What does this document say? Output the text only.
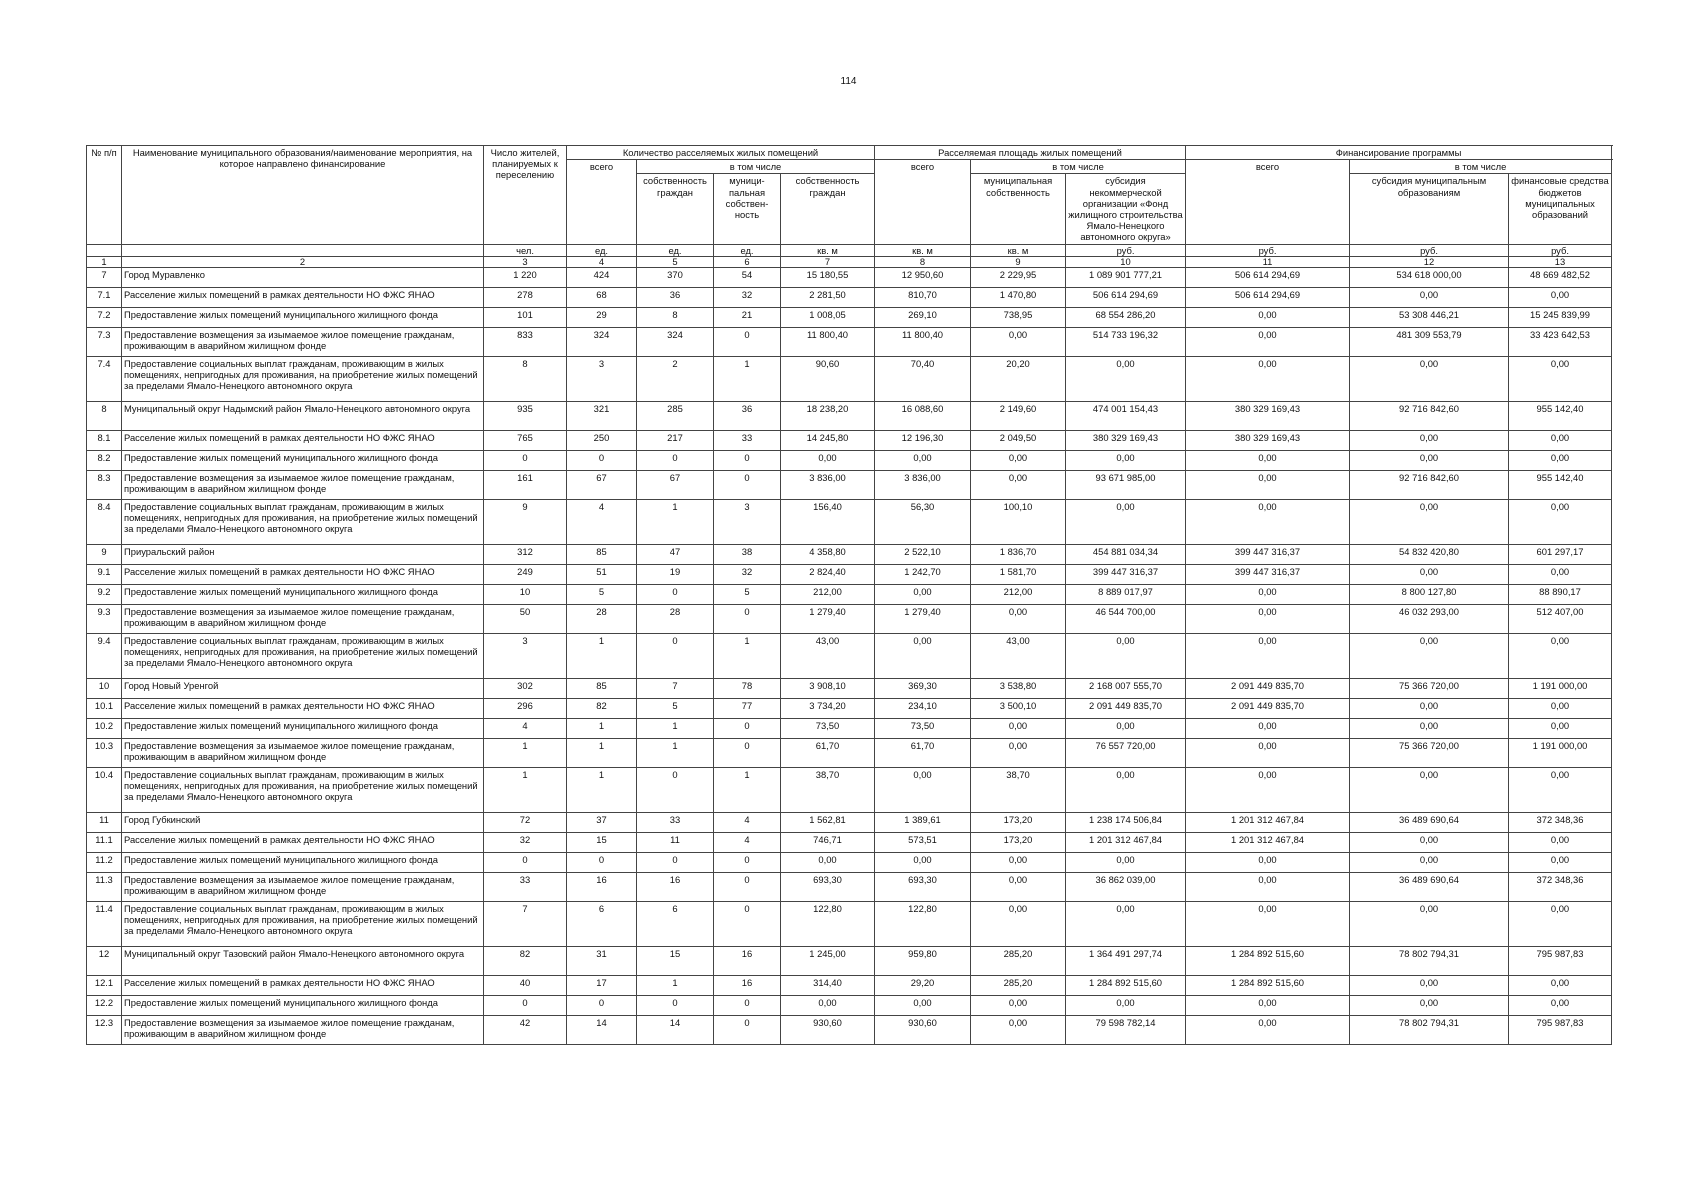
114
№ п/п	Наименование муниципального образования/наименование мероприятия, на которое направлено финансирование	Число жителей, планируемых к переселению	Количество расселяемых жилых помещений				Расселяемая площадь жилых помещений			Финансирование программы		
			всего	в том числе			всего	в том числе		всего	в том числе	
				собственность граждан	муници-пальная собствен-ность	собственность граждан		муниципальная собственность	субсидия некоммерческой организации «Фонд жилищного строительства Ямало-Ненецкого автономного округа»		субсидия муниципальным образованиям	финансовые средства бюджетов муниципальных образований
		чел.	ед.	ед.	ед.	кв. м	кв. м	кв. м	руб.	руб.	руб.	руб.
1	2	3	4	5	6	7	8	9	10	11	12	13
7	Город Муравленко	1 220	424	370	54	15 180,55	12 950,60	2 229,95	1 089 901 777,21	506 614 294,69	534 618 000,00	48 669 482,52
7.1	Расселение жилых помещений в рамках деятельности НО ФЖС ЯНАО	278	68	36	32	2 281,50	810,70	1 470,80	506 614 294,69	506 614 294,69	0,00	0,00
7.2	Предоставление жилых помещений муниципального жилищного фонда	101	29	8	21	1 008,05	269,10	738,95	68 554 286,20	0,00	53 308 446,21	15 245 839,99
7.3	Предоставление возмещения за изымаемое жилое помещение гражданам, проживающим в аварийном жилищном фонде	833	324	324	0	11 800,40	11 800,40	0,00	514 733 196,32	0,00	481 309 553,79	33 423 642,53
7.4	Предоставление социальных выплат гражданам, проживающим в жилых помещениях, непригодных для проживания, на приобретение жилых помещений за пределами Ямало-Ненецкого автономного округа	8	3	2	1	90,60	70,40	20,20	0,00	0,00	0,00	0,00
8	Муниципальный округ Надымский район Ямало-Ненецкого автономного округа	935	321	285	36	18 238,20	16 088,60	2 149,60	474 001 154,43	380 329 169,43	92 716 842,60	955 142,40
8.1	Расселение жилых помещений в рамках деятельности НО ФЖС ЯНАО	765	250	217	33	14 245,80	12 196,30	2 049,50	380 329 169,43	380 329 169,43	0,00	0,00
8.2	Предоставление жилых помещений муниципального жилищного фонда	0	0	0	0	0,00	0,00	0,00	0,00	0,00	0,00	0,00
8.3	Предоставление возмещения за изымаемое жилое помещение гражданам, проживающим в аварийном жилищном фонде	161	67	67	0	3 836,00	3 836,00	0,00	93 671 985,00	0,00	92 716 842,60	955 142,40
8.4	Предоставление социальных выплат гражданам, проживающим в жилых помещениях, непригодных для проживания, на приобретение жилых помещений за пределами Ямало-Ненецкого автономного округа	9	4	1	3	156,40	56,30	100,10	0,00	0,00	0,00	0,00
9	Приуральский район	312	85	47	38	4 358,80	2 522,10	1 836,70	454 881 034,34	399 447 316,37	54 832 420,80	601 297,17
9.1	Расселение жилых помещений в рамках деятельности НО ФЖС ЯНАО	249	51	19	32	2 824,40	1 242,70	1 581,70	399 447 316,37	399 447 316,37	0,00	0,00
9.2	Предоставление жилых помещений муниципального жилищного фонда	10	5	0	5	212,00	0,00	212,00	8 889 017,97	0,00	8 800 127,80	88 890,17
9.3	Предоставление возмещения за изымаемое жилое помещение гражданам, проживающим в аварийном жилищном фонде	50	28	28	0	1 279,40	1 279,40	0,00	46 544 700,00	0,00	46 032 293,00	512 407,00
9.4	Предоставление социальных выплат гражданам, проживающим в жилых помещениях, непригодных для проживания, на приобретение жилых помещений за пределами Ямало-Ненецкого автономного округа	3	1	0	1	43,00	0,00	43,00	0,00	0,00	0,00	0,00
10	Город Новый Уренгой	302	85	7	78	3 908,10	369,30	3 538,80	2 168 007 555,70	2 091 449 835,70	75 366 720,00	1 191 000,00
10.1	Расселение жилых помещений в рамках деятельности НО ФЖС ЯНАО	296	82	5	77	3 734,20	234,10	3 500,10	2 091 449 835,70	2 091 449 835,70	0,00	0,00
10.2	Предоставление жилых помещений муниципального жилищного фонда	4	1	1	0	73,50	73,50	0,00	0,00	0,00	0,00	0,00
10.3	Предоставление возмещения за изымаемое жилое помещение гражданам, проживающим в аварийном жилищном фонде	1	1	1	0	61,70	61,70	0,00	76 557 720,00	0,00	75 366 720,00	1 191 000,00
10.4	Предоставление социальных выплат гражданам, проживающим в жилых помещениях, непригодных для проживания, на приобретение жилых помещений за пределами Ямало-Ненецкого автономного округа	1	1	0	1	38,70	0,00	38,70	0,00	0,00	0,00	0,00
11	Город Губкинский	72	37	33	4	1 562,81	1 389,61	173,20	1 238 174 506,84	1 201 312 467,84	36 489 690,64	372 348,36
11.1	Расселение жилых помещений в рамках деятельности НО ФЖС ЯНАО	32	15	11	4	746,71	573,51	173,20	1 201 312 467,84	1 201 312 467,84	0,00	0,00
11.2	Предоставление жилых помещений муниципального жилищного фонда	0	0	0	0	0,00	0,00	0,00	0,00	0,00	0,00	0,00
11.3	Предоставление возмещения за изымаемое жилое помещение гражданам, проживающим в аварийном жилищном фонде	33	16	16	0	693,30	693,30	0,00	36 862 039,00	0,00	36 489 690,64	372 348,36
11.4	Предоставление социальных выплат гражданам, проживающим в жилых помещениях, непригодных для проживания, на приобретение жилых помещений за пределами Ямало-Ненецкого автономного округа	7	6	6	0	122,80	122,80	0,00	0,00	0,00	0,00	0,00
12	Муниципальный округ Тазовский район Ямало-Ненецкого автономного округа	82	31	15	16	1 245,00	959,80	285,20	1 364 491 297,74	1 284 892 515,60	78 802 794,31	795 987,83
12.1	Расселение жилых помещений в рамках деятельности НО ФЖС ЯНАО	40	17	1	16	314,40	29,20	285,20	1 284 892 515,60	1 284 892 515,60	0,00	0,00
12.2	Предоставление жилых помещений муниципального жилищного фонда	0	0	0	0	0,00	0,00	0,00	0,00	0,00	0,00	0,00
12.3	Предоставление возмещения за изымаемое жилое помещение гражданам, проживающим в аварийном жилищном фонде	42	14	14	0	930,60	930,60	0,00	79 598 782,14	0,00	78 802 794,31	795 987,83
